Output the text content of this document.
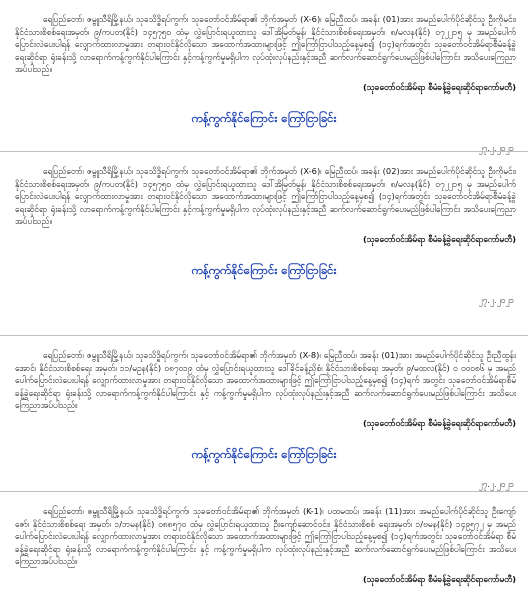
ရေပြည်တော်၊ ဇမ္ဗူသီရိမြို့နယ်၊ သုခသိဒ္ဓိရပ်ကွက်၊ သုခတော်ဝင်အိမ်ရာ၏ ဘိုက်အမှတ် (X-6)၊ မြေညီထပ်၊ အခန်း (01)အား အမည်ပေါက်ပိုင်ဆိုင်သူ ဦးကိုမင်း၊ နိုင်ငံသားစိစစ်ရေးအမှတ်၊ ၉/ကပတ(နိုင်) ၁၄၅၇၅၀ ထံမှ လွှဲပြောင်းရယူထားသူ ဒေါ်အိမြတ်မွန်၊ နိုင်ငံသားစိစစ်ရေးအမှတ်၊ ၈/မလန(နိုင်) ၀၇၂၂၁၅ မှ အမည်ပေါက်ပြောင်းလဲပေးပါရန် လျှောက်ထားလာမှုအား တရားဝင်နိုင်လိုသော အထောက်အထားများဖြင့် ဤကြော်ငြာပါသည့်နေ့မှစ၍ (၁၄)ရက်အတွင်း သုခတော်ဝင်အိမ်ရာစီမံခန့်ခွဲရေးဆိုင်ရာ ရုံးခန်းသို့ လာရောက်ကန့်ကွက်နိုင်ပါကြောင်း နှင့်ကန့်ကွက်မှုမရှိပါက လုပ်ထုံးလုပ်နည်းနှင့်အညီ ဆက်လက်ဆောင်ရွက်ပေးမည်ဖြစ်ပါကြောင်း အသိပေးကြေညာအပ်ပါသည်။

(သုခတော်ဝင်အိမ်ရာ စီမံခန့်ခွဲရေးဆိုင်ရာကော်မတီ)

ကန့်ကွက်နိုင်ကြောင်း ကြော်ငြာခြင်း

၂၇.၂.၂၀၂၁

ရေပြည်တော်၊ ဇမ္ဗူသီရိမြို့နယ်၊ သုခသိဒ္ဓိရပ်ကွက်၊ သုခတော်ဝင်အိမ်ရာ၏ ဘိုက်အမှတ် (X-6)၊ မြေညီထပ်၊ အခန်း (02)အား အမည်ပေါက်ပိုင်ဆိုင်သူ ဦးကိုမင်း၊ နိုင်ငံသားစိစစ်ရေးအမှတ်၊ ၉/ကပတ(နိုင်) ၁၄၅၇၅၀ ထံမှ လွှဲပြောင်းရယူထားသူ ဒေါ်အိမြတ်မွန်၊ နိုင်ငံသားစိစစ်ရေးအမှတ်၊ ၈/မလန(နိုင်) ၀၇၂၂၁၅ မှ အမည်ပေါက်ပြောင်းလဲပေးပါရန် လျှောက်ထားလာမှုအား တရားဝင်နိုင်လိုသော အထောက်အထားများဖြင့် ဤကြော်ငြာပါသည့်နေ့မှစ၍ (၁၄)ရက်အတွင်း သုခတော်ဝင်အိမ်ရာစီမံခန့်ခွဲရေးဆိုင်ရာ ရုံးခန်းသို့ လာရောက်ကန့်ကွက်နိုင်ပါကြောင်း နှင့်ကန့်ကွက်မှုမရှိပါက လုပ်ထုံးလုပ်နည်းနှင့်အညီ ဆက်လက်ဆောင်ရွက်ပေးမည်ဖြစ်ပါကြောင်း အသိပေးကြေညာအပ်ပါသည်။

(သုခတော်ဝင်အိမ်ရာ စီမံခန့်ခွဲရေးဆိုင်ရာကော်မတီ)

ကန့်ကွက်နိုင်ကြောင်း ကြော်ငြာခြင်း

၂၇.၂.၂၀၂၁

ရေပြည်တော်၊ ဇမ္ဗူသီရိမြို့နယ်၊ သုခသိဒ္ဓိရပ်ကွက်၊ သုခတော်ဝင်အိမ်ရာ၏ ဘိုက်အမှတ် (X-8)၊ မြေညီထပ်၊ အခန်း (01)အား အမည်ပေါက်ပိုင်ဆိုင်သူ ဦးညီထွန်းအောင်၊ နိုင်ငံသားစိစစ်ရေး အမှတ်၊ ၁၁/မဥန(နိုင်) ၀၈၇၀၁၉ ထံမှ လွှဲပြောင်းရယူထားသူ ဒေါ်ခိုင်ခန့်ညိုစံ၊ နိုင်ငံသားစိစစ်ရေး အမှတ်၊ ၉/မထလ(နိုင်) ၀ ၀၀၀၈၆ မှ အမည်ပေါက်ပြောင်းလဲပေးပါရန် လျှောက်ထားလာမှုအား တရားဝင်နိုင်လိုသော အထောက်အထားများဖြင့် ဤကြော်ငြာပါသည့်နေ့မှစ၍ (၁၄)ရက် အတွင်း သုခတော်ဝင်အိမ်ရာစီမံခန့်ခွဲရေးဆိုင်ရာ ရုံးခန်းသို့ လာရောက်ကန့်ကွက်နိုင်ပါကြောင်း နှင့် ကန့်ကွက်မှုမရှိပါက လုပ်ထုံးလုပ်နည်းနှင့်အညီ ဆက်လက်ဆောင်ရွက်ပေးမည်ဖြစ်ပါကြောင်း အသိပေးကြေညာအပ်ပါသည်။

(သုခတော်ဝင်အိမ်ရာ စီမံခန့်ခွဲရေးဆိုင်ရာကော်မတီ)

ကန့်ကွက်နိုင်ကြောင်း ကြော်ငြာခြင်း

၂၇.၂.၂၀၂၁

ရေပြည်တော်၊ ဇမ္ဗူသီရိမြို့နယ်၊ သုခသိဒ္ဓိရပ်ကွက်၊ သုခတော်ဝင်အိမ်ရာ၏ ဘိုက်အမှတ် (K-1)၊ ပထမထပ်၊ အခန်း (11)အား အမည်ပေါက်ပိုင်ဆိုင်သူ ဦးကျော်ဇော်၊ နိုင်ငံသားစိစစ်ရေး အမှတ်၊ ၁/ဘမန(နိုင်) ၀၈၈၅၇၀ ထံမှ လွှဲပြောင်းရယူထားသူ ဦးကျော်ဆောင်ဝင်း၊ နိုင်ငံသားစိစစ် ရေးအမှတ်၊ ၁/ဗမန(နိုင်) ၁၄၉၅၇၂ မှ အမည်ပေါက်ပြောင်းလဲပေးပါရန် လျှောက်ထားလာမှုအား တရားဝင်နိုင်လိုသော အထောက်အထားများဖြင့် ဤကြော်ငြာပါသည့်နေ့မှစ၍ (၁၄)ရက်အတွင်း သုခတော်ဝင်အိမ်ရာ စီမံခန့်ခွဲရေးဆိုင်ရာ ရုံးခန်းသို့ လာရောက်ကန့်ကွက်နိုင်ပါကြောင်း နှင့် ကန့်ကွက်မှုမရှိပါက လုပ်ထုံးလုပ်နည်းနှင့်အညီ ဆက်လက်ဆောင်ရွက်ပေးမည်ဖြစ်ပါကြောင်း အသိပေးကြေညာအပ်ပါသည်။

(သုခတော်ဝင်အိမ်ရာ စီမံခန့်ခွဲရေးဆိုင်ရာကော်မတီ)
